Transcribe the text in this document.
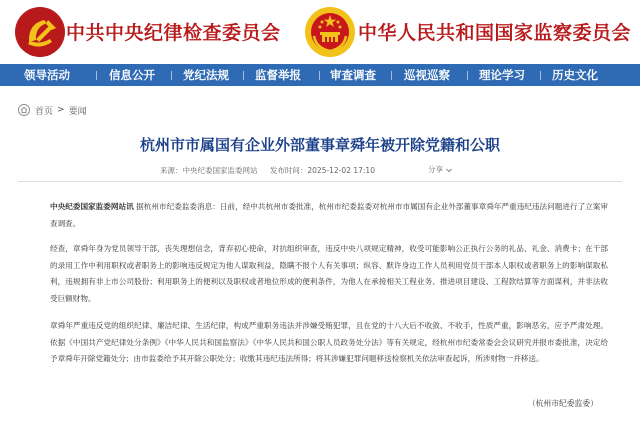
中共中央纪律检查委员会	中华人民共和国国家监察委员会
领导活动	信息公开 党纪法规 监督举报	审查调查 巡视巡察	理论学习 历史文化
首页 > 要闻
杭州市市属国有企业外部董事章舜年被开除党籍和公职
来源：中央纪委国家监委网站 发布时间：2025-12-02 17:10	分享
中央纪委国家监委网站讯 据杭州市纪委监委消息：日前，经中共杭州市委批准，杭州市纪委监委对杭州市市属国有企业外部董事章舜年严重违纪违法问题进行了立案审查调查。
经查，章舜年身为党员领导干部，丧失理想信念，背弃初心使命，对抗组织审查，违反中央八项规定精神，收受可能影响公正执行公务的礼品、礼金、消费卡；在干部的录用工作中利用职权或者职务上的影响违反规定为他人谋取利益，隐瞒不报个人有关事项；纵容、默许身边工作人员利用党员干部本人职权或者职务上的影响谋取私利，违规拥有非上市公司股份；利用职务上的便利以及职权或者地位形成的便利条件，为他人在承接相关工程业务、推进项目建设、工程款结算等方面谋利，并非法收受巨额财物。
章舜年严重违反党的组织纪律、廉洁纪律、生活纪律，构成严重职务违法并涉嫌受贿犯罪，且在党的十八大后不收敛、不收手，性质严重，影响恶劣，应予严肃处理。依据《中国共产党纪律处分条例》《中华人民共和国监察法》《中华人民共和国公职人员政务处分法》等有关规定，经杭州市纪委常委会会议研究并报市委批准，决定给予章舜年开除党籍处分；由市监委给予其开除公职处分；收缴其违纪违法所得；将其涉嫌犯罪问题移送检察机关依法审查起诉，所涉财物一并移送。
（杭州市纪委监委）
